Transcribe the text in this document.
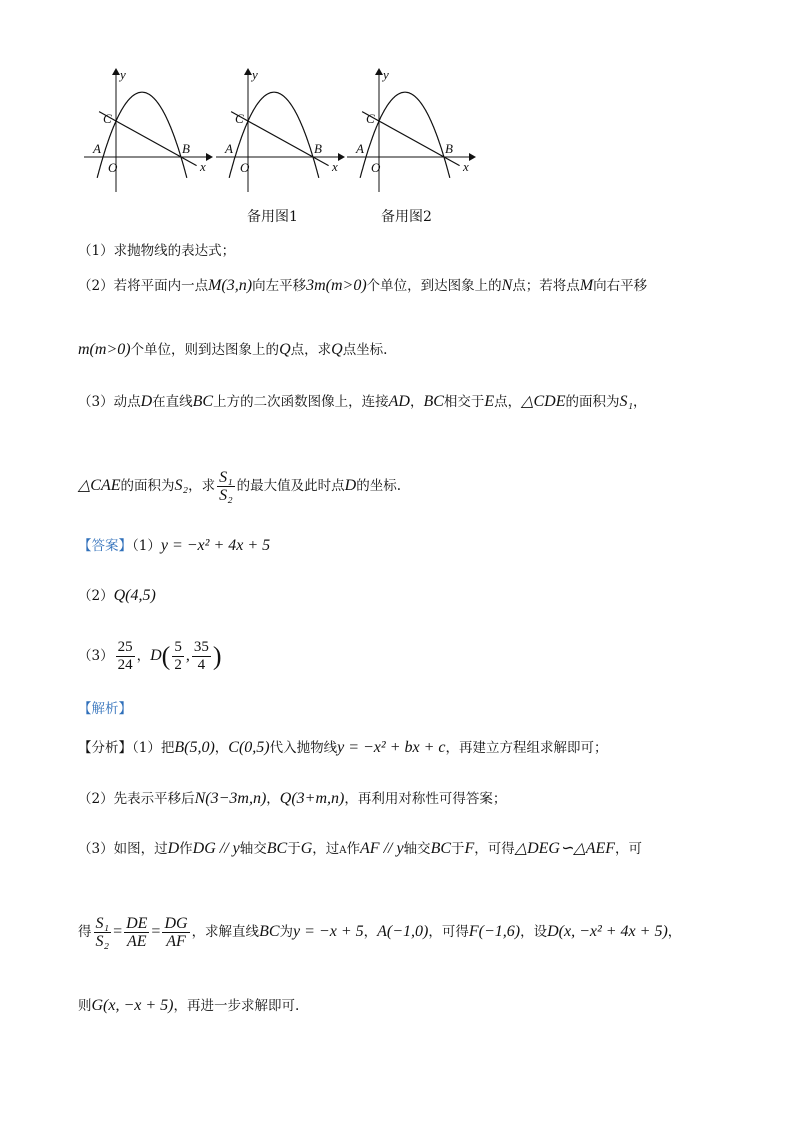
y
x
O
A	B
C
y
x
O
A	B
C
y
x
O
A	B
C
备用图1	备用图2
（1）求抛物线的表达式；
（2）若将平面内一点M(3,n)向左平移3m(m>0)个单位，到达图象上的N点；若将点M向右平移
m(m>0)个单位，则到达图象上的Q点，求Q点坐标.
（3）动点D在直线BC上方的二次函数图像上，连接AD，BC相交于E点，△CDE的面积为S₁，
△CAE的面积为S₂，求 $\frac{\text{S₁}}{\text{S₂}}$ 的最大值及此时点D的坐标.
【答案】（1）y = −x² + 4x + 5
（2）Q(4,5)
$(3) \frac{25}{24}$ ，$D( \frac{5}{2}$ , $\frac{35}{4}$ )
【解析】
【分析】（1）把B(5,0)，C(0,5)代入抛物线y = −x² + bx + c，再建立方程组求解即可；
（2）先表示平移后N(3−3m,n)，Q(3+m,n)，再利用对称性可得答案；
（3）如图，过D作DG // y轴交BC于G，过A作AF // y轴交BC于F，可得△DEG∽△AEF，可
得 $\frac{\text{S₁}}{\text{S₂}} = \frac{DE}{AE} = \frac{DG}{AF}$ ，求解直线BC为y = −x + 5，A(−1,0)，可得F(−1,6)，设D(x, −x² + 4x + 5)，
则G(x, −x + 5)，再进一步求解即可.
